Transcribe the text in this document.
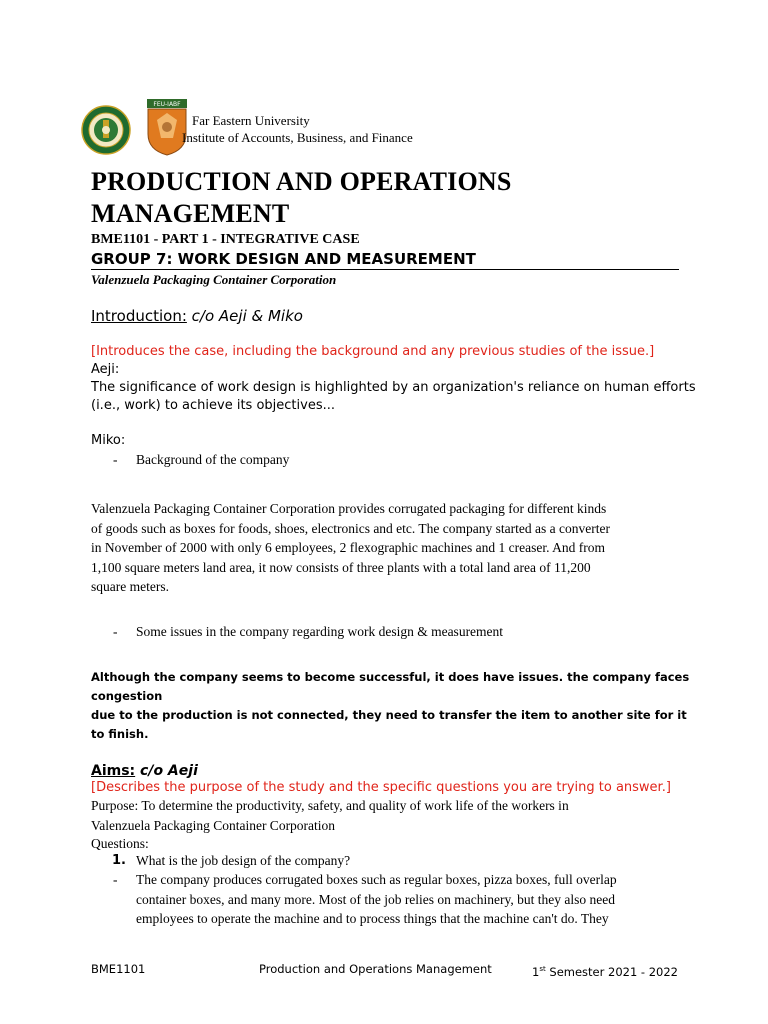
FEU-IABF
Far Eastern University
Institute of Accounts, Business, and Finance
PRODUCTION AND OPERATIONS
MANAGEMENT
BME1101 - PART 1 - INTEGRATIVE CASE
GROUP 7: WORK DESIGN AND MEASUREMENT
Valenzuela Packaging Container Corporation
Introduction: c/o Aeji & Miko
[Introduces the case, including the background and any previous studies of the issue.]
Aeji:
The significance of work design is highlighted by an organization's reliance on human efforts
(i.e., work) to achieve its objectives...
Miko:
- Background of the company
Valenzuela Packaging Container Corporation provides corrugated packaging for different kinds
of goods such as boxes for foods, shoes, electronics and etc. The company started as a converter
in November of 2000 with only 6 employees, 2 flexographic machines and 1 creaser. And from
1,100 square meters land area, it now consists of three plants with a total land area of 11,200
square meters.
- Some issues in the company regarding work design & measurement
Although the company seems to become successful, it does have issues. the company faces congestion
due to the production is not connected, they need to transfer the item to another site for it to finish.
Aims: c/o Aeji
[Describes the purpose of the study and the specific questions you are trying to answer.]
Purpose: To determine the productivity, safety, and quality of work life of the workers in
Valenzuela Packaging Container Corporation
Questions:
1. What is the job design of the company?
- The company produces corrugated boxes such as regular boxes, pizza boxes, full overlap
container boxes, and many more. Most of the job relies on machinery, but they also need
employees to operate the machine and to process things that the machine can't do. They
BME1101	Production and Operations Management	1st Semester 2021 - 2022
